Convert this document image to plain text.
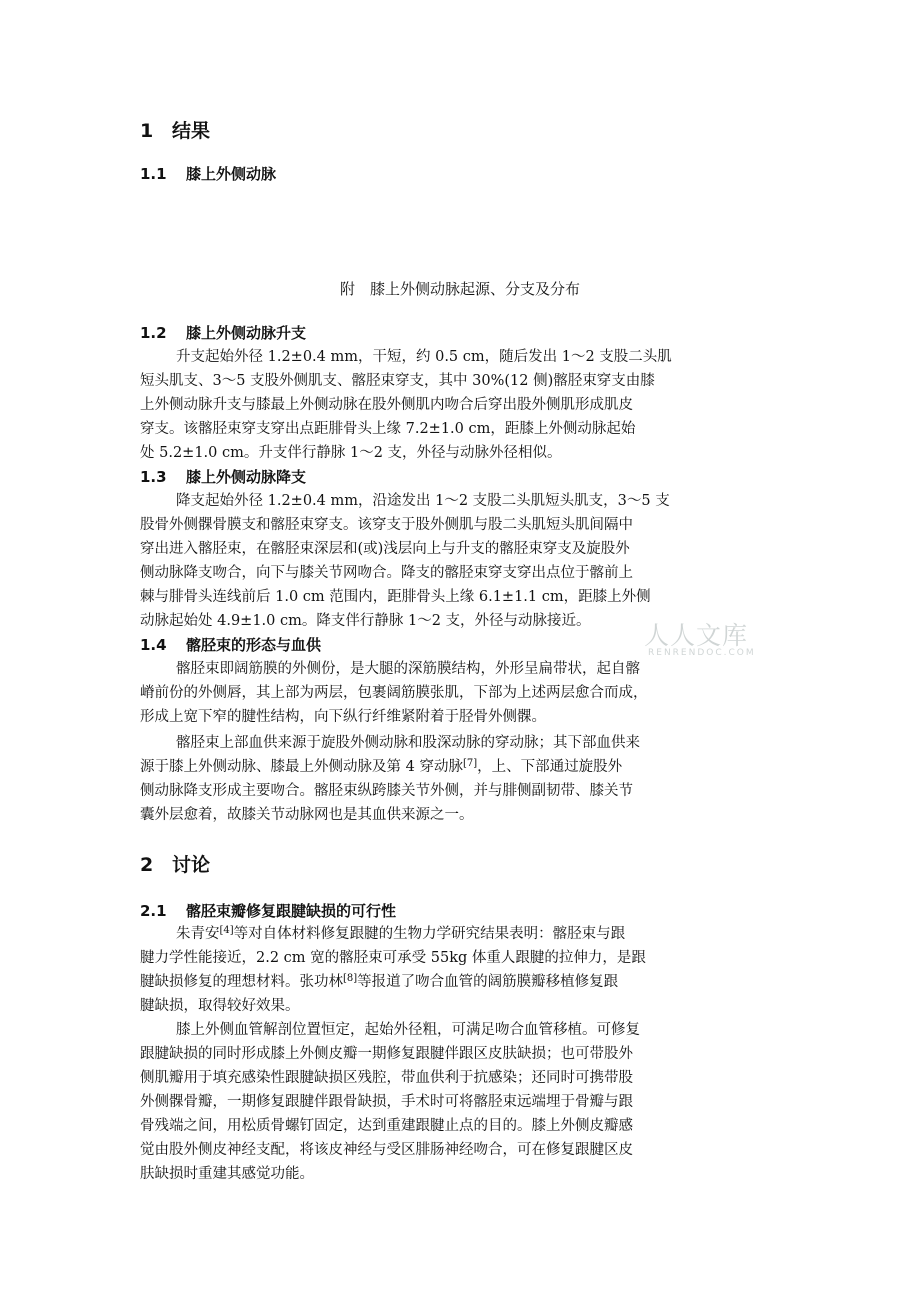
1 结果
1.1 膝上外侧动脉
附　膝上外侧动脉起源、分支及分布
1.2 膝上外侧动脉升支
升支起始外径 1.2±0.4 mm，干短，约 0.5 cm，随后发出 1～2 支股二头肌
短头肌支、3～5 支股外侧肌支、髂胫束穿支，其中 30%(12 侧)髂胫束穿支由膝
上外侧动脉升支与膝最上外侧动脉在股外侧肌内吻合后穿出股外侧肌形成肌皮
穿支。该髂胫束穿支穿出点距腓骨头上缘 7.2±1.0 cm，距膝上外侧动脉起始
处 5.2±1.0 cm。升支伴行静脉 1～2 支，外径与动脉外径相似。
1.3 膝上外侧动脉降支
降支起始外径 1.2±0.4 mm，沿途发出 1～2 支股二头肌短头肌支，3～5 支
股骨外侧髁骨膜支和髂胫束穿支。该穿支于股外侧肌与股二头肌短头肌间隔中
穿出进入髂胫束，在髂胫束深层和(或)浅层向上与升支的髂胫束穿支及旋股外
侧动脉降支吻合，向下与膝关节网吻合。降支的髂胫束穿支穿出点位于髂前上
棘与腓骨头连线前后 1.0 cm 范围内，距腓骨头上缘 6.1±1.1 cm，距膝上外侧
动脉起始处 4.9±1.0 cm。降支伴行静脉 1～2 支，外径与动脉接近。
1.4 髂胫束的形态与血供
髂胫束即阔筋膜的外侧份，是大腿的深筋膜结构，外形呈扁带状，起自髂
嵴前份的外侧唇，其上部为两层，包裹阔筋膜张肌，下部为上述两层愈合而成，
形成上宽下窄的腱性结构，向下纵行纤维紧附着于胫骨外侧髁。
髂胫束上部血供来源于旋股外侧动脉和股深动脉的穿动脉；其下部血供来
源于膝上外侧动脉、膝最上外侧动脉及第 4 穿动脉[7]，上、下部通过旋股外
侧动脉降支形成主要吻合。髂胫束纵跨膝关节外侧，并与腓侧副韧带、膝关节
囊外层愈着，故膝关节动脉网也是其血供来源之一。
2 讨论
2.1 髂胫束瓣修复跟腱缺损的可行性
朱青安[4]等对自体材料修复跟腱的生物力学研究结果表明：髂胫束与跟
腱力学性能接近，2.2 cm 宽的髂胫束可承受 55kg 体重人跟腱的拉伸力，是跟
腱缺损修复的理想材料。张功林[8]等报道了吻合血管的阔筋膜瓣移植修复跟
腱缺损，取得较好效果。
膝上外侧血管解剖位置恒定，起始外径粗，可满足吻合血管移植。可修复
跟腱缺损的同时形成膝上外侧皮瓣一期修复跟腱伴跟区皮肤缺损；也可带股外
侧肌瓣用于填充感染性跟腱缺损区残腔，带血供利于抗感染；还同时可携带股
外侧髁骨瓣，一期修复跟腱伴跟骨缺损，手术时可将髂胫束远端埋于骨瓣与跟
骨残端之间，用松质骨螺钉固定，达到重建跟腱止点的目的。膝上外侧皮瓣感
觉由股外侧皮神经支配，将该皮神经与受区腓肠神经吻合，可在修复跟腱区皮
肤缺损时重建其感觉功能。
人人文库
RENRENDOC.COM
